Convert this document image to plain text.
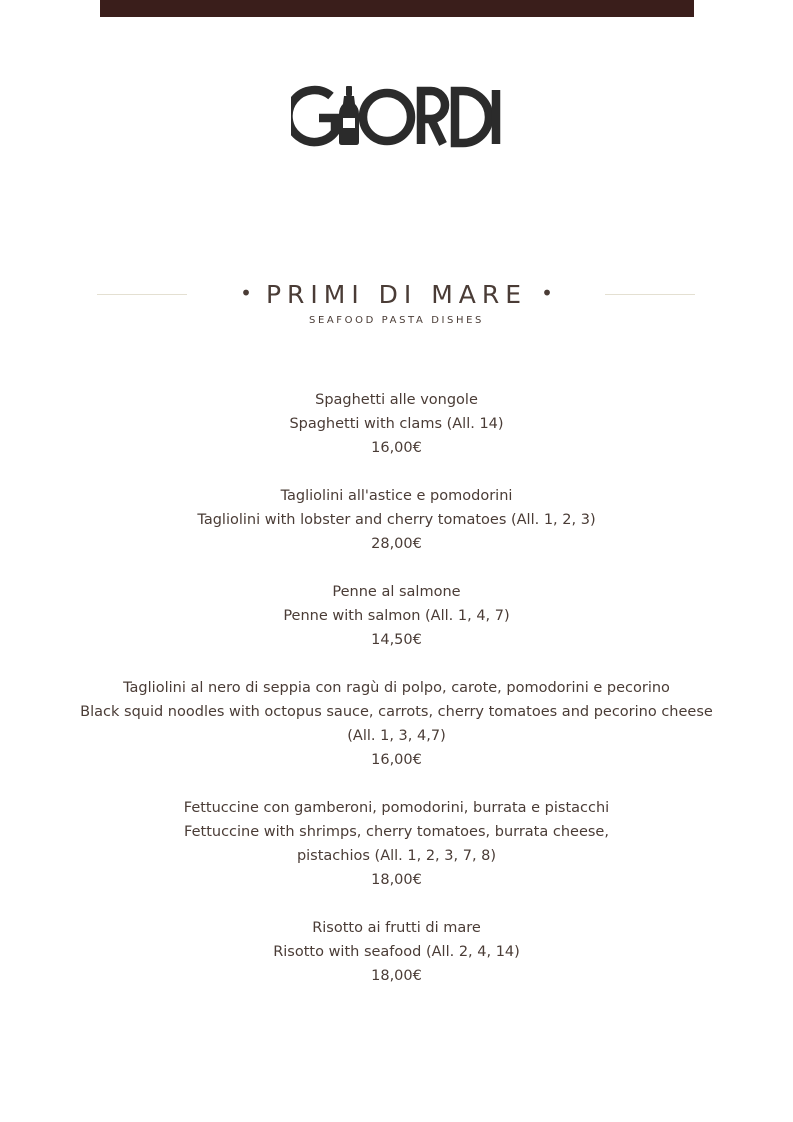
• PRIMI DI MARE •
SEAFOOD PASTA DISHES
Spaghetti alle vongole
Spaghetti with clams (All. 14)
16,00€
Tagliolini all'astice e pomodorini
Tagliolini with lobster and cherry tomatoes (All. 1, 2, 3)
28,00€
Penne al salmone
Penne with salmon (All. 1, 4, 7)
14,50€
Tagliolini al nero di seppia con ragù di polpo, carote, pomodorini e pecorino
Black squid noodles with octopus sauce, carrots, cherry tomatoes and pecorino cheese
(All. 1, 3, 4,7)
16,00€
Fettuccine con gamberoni, pomodorini, burrata e pistacchi
Fettuccine with shrimps, cherry tomatoes, burrata cheese,
pistachios (All. 1, 2, 3, 7, 8)
18,00€
Risotto ai frutti di mare
Risotto with seafood (All. 2, 4, 14)
18,00€
